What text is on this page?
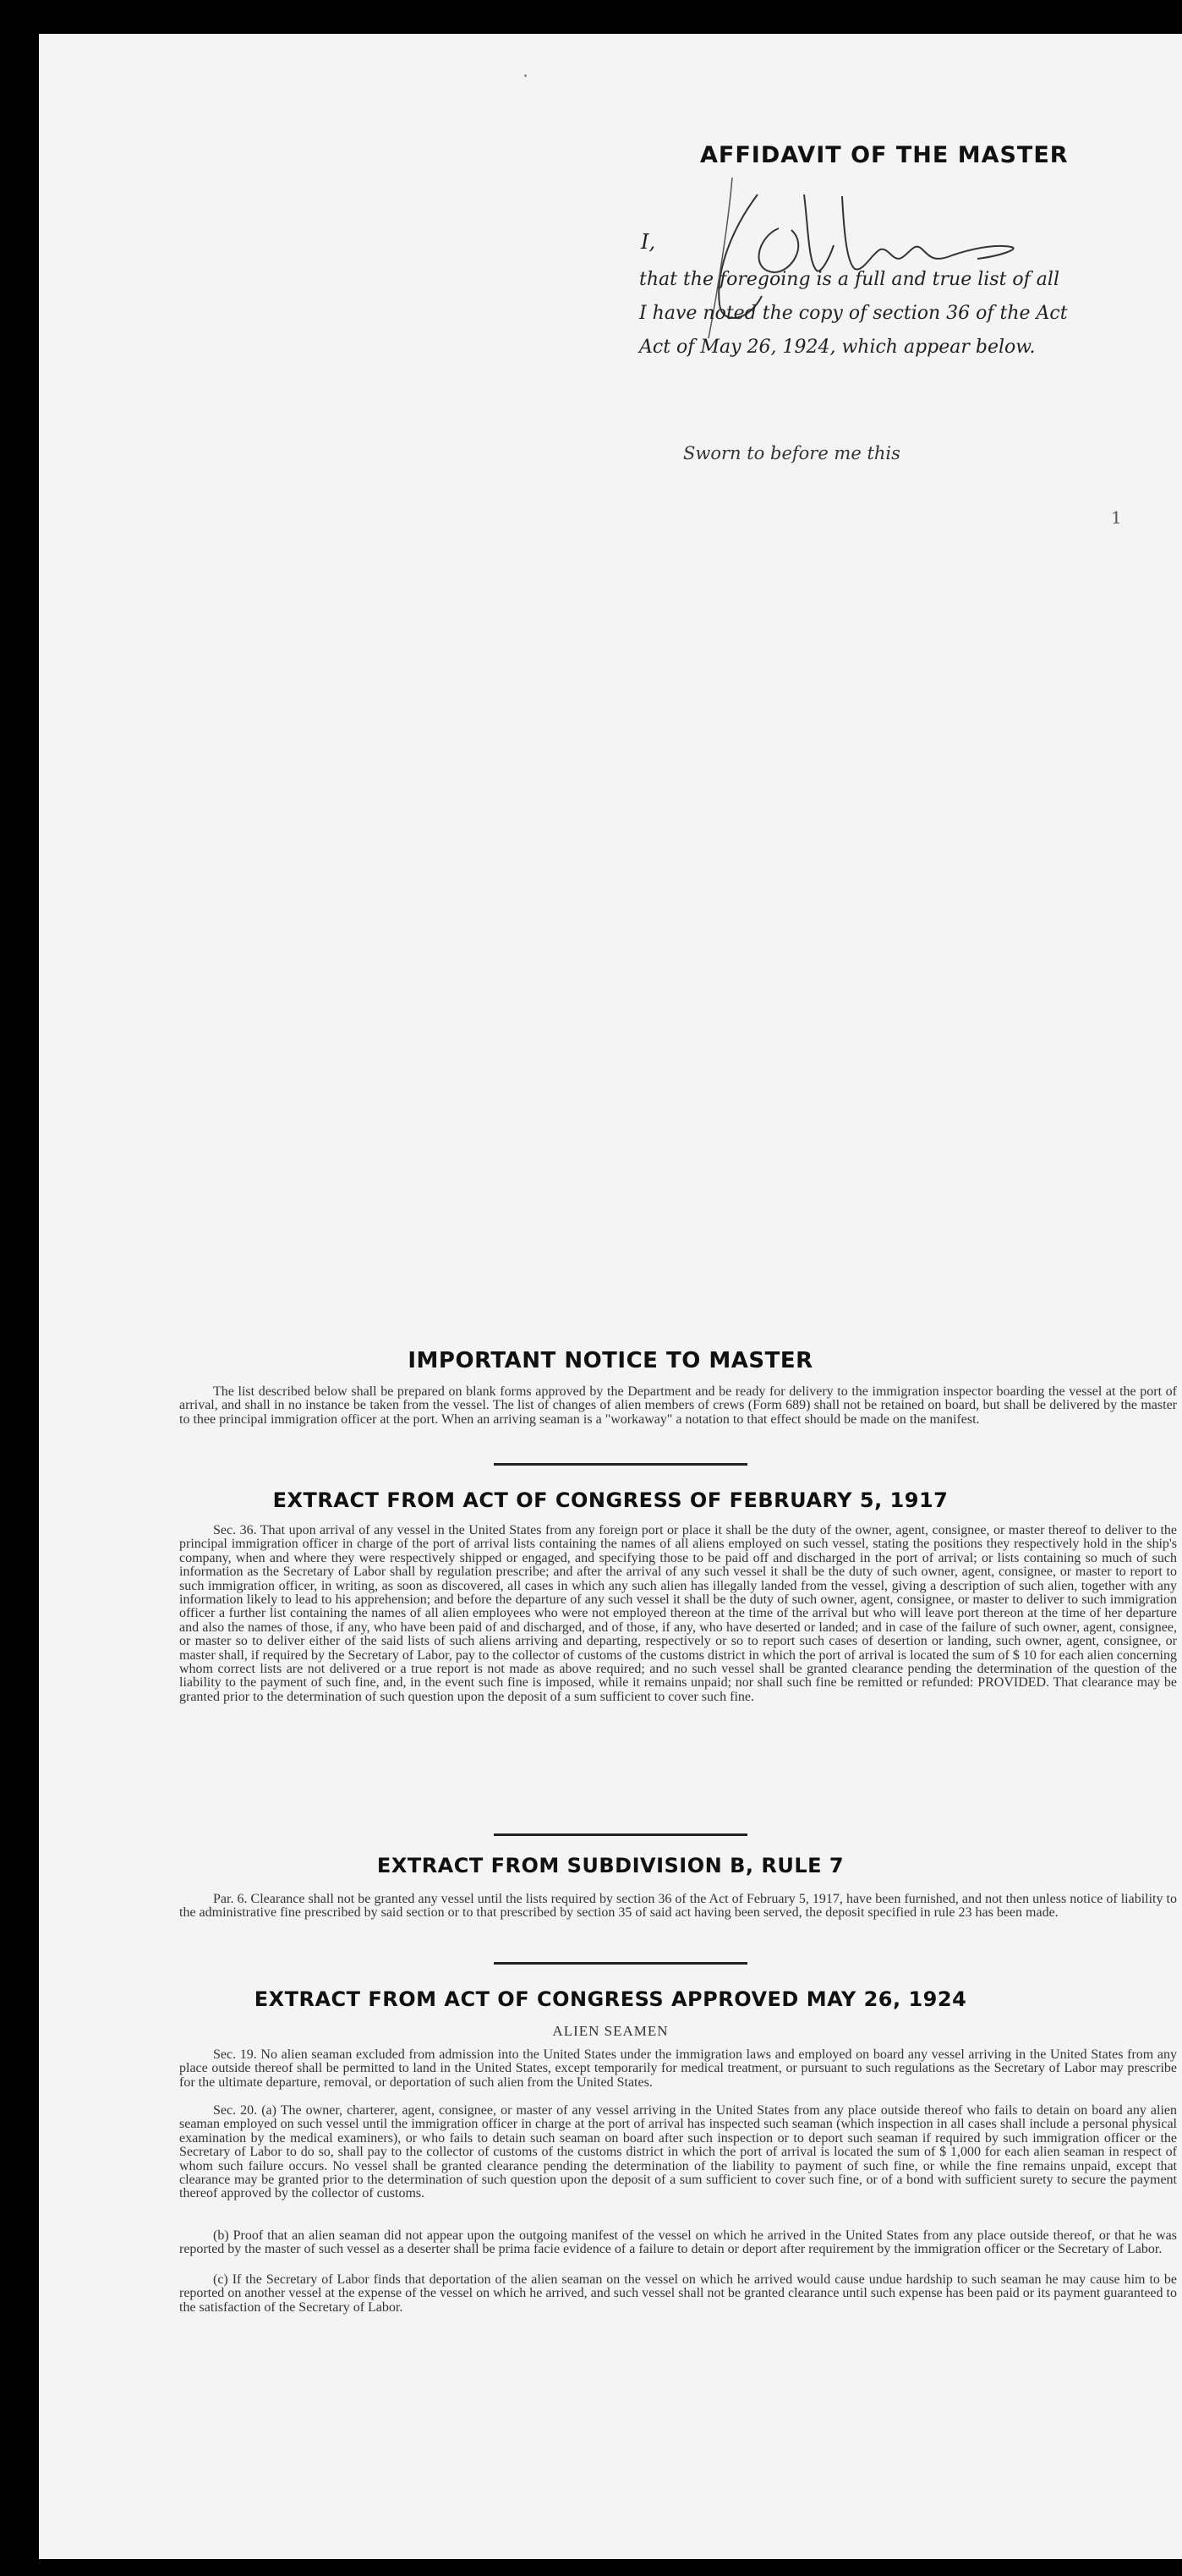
AFFIDAVIT OF THE MASTER
I,
that the foregoing is a full and true list of all
I have noted the copy of section 36 of the Act
Act of May 26, 1924, which appear below.
Sworn to before me this
1
IMPORTANT NOTICE TO MASTER

The list described below shall be prepared on blank forms approved by the Department and be ready for delivery to the immigration inspector boarding the vessel at the port of arrival, and shall in no instance be taken from the vessel. The list of changes of alien members of crews (Form 689) shall not be retained on board, but shall be delivered by the master to thee principal immigration officer at the port. When an arriving seaman is a "workaway" a notation to that effect should be made on the manifest.

EXTRACT FROM ACT OF CONGRESS OF FEBRUARY 5, 1917

Sec. 36. That upon arrival of any vessel in the United States from any foreign port or place it shall be the duty of the owner, agent, consignee, or master thereof to deliver to the principal immigration officer in charge of the port of arrival lists containing the names of all aliens employed on such vessel, stating the positions they respectively hold in the ship's company, when and where they were respectively shipped or engaged, and specifying those to be paid off and discharged in the port of arrival; or lists containing so much of such information as the Secretary of Labor shall by regulation prescribe; and after the arrival of any such vessel it shall be the duty of such owner, agent, consignee, or master to report to such immigration officer, in writing, as soon as discovered, all cases in which any such alien has illegally landed from the vessel, giving a description of such alien, together with any information likely to lead to his apprehension; and before the departure of any such vessel it shall be the duty of such owner, agent, consignee, or master to deliver to such immigration officer a further list containing the names of all alien employees who were not employed thereon at the time of the arrival but who will leave port thereon at the time of her departure and also the names of those, if any, who have been paid of and discharged, and of those, if any, who have deserted or landed; and in case of the failure of such owner, agent, consignee, or master so to deliver either of the said lists of such aliens arriving and departing, respectively or so to report such cases of desertion or landing, such owner, agent, consignee, or master shall, if required by the Secretary of Labor, pay to the collector of customs of the customs district in which the port of arrival is located the sum of $ 10 for each alien concerning whom correct lists are not delivered or a true report is not made as above required; and no such vessel shall be granted clearance pending the determination of the question of the liability to the payment of such fine, and, in the event such fine is imposed, while it remains unpaid; nor shall such fine be remitted or refunded: PROVIDED. That clearance may be granted prior to the determination of such question upon the deposit of a sum sufficient to cover such fine.

EXTRACT FROM SUBDIVISION B, RULE 7

Par. 6. Clearance shall not be granted any vessel until the lists required by section 36 of the Act of February 5, 1917, have been furnished, and not then unless notice of liability to the administrative fine prescribed by said section or to that prescribed by section 35 of said act having been served, the deposit specified in rule 23 has been made.

EXTRACT FROM ACT OF CONGRESS APPROVED MAY 26, 1924
ALIEN SEAMEN

Sec. 19. No alien seaman excluded from admission into the United States under the immigration laws and employed on board any vessel arriving in the United States from any place outside thereof shall be permitted to land in the United States, except temporarily for medical treatment, or pursuant to such regulations as the Secretary of Labor may prescribe for the ultimate departure, removal, or deportation of such alien from the United States.

Sec. 20. (a) The owner, charterer, agent, consignee, or master of any vessel arriving in the United States from any place outside thereof who fails to detain on board any alien seaman employed on such vessel until the immigration officer in charge at the port of arrival has inspected such seaman (which inspection in all cases shall include a personal physical examination by the medical examiners), or who fails to detain such seaman on board after such inspection or to deport such seaman if required by such immigration officer or the Secretary of Labor to do so, shall pay to the collector of customs of the customs district in which the port of arrival is located the sum of $ 1,000 for each alien seaman in respect of whom such failure occurs. No vessel shall be granted clearance pending the determination of the liability to payment of such fine, or while the fine remains unpaid, except that clearance may be granted prior to the determination of such question upon the deposit of a sum sufficient to cover such fine, or of a bond with sufficient surety to secure the payment thereof approved by the collector of customs.

(b) Proof that an alien seaman did not appear upon the outgoing manifest of the vessel on which he arrived in the United States from any place outside thereof, or that he was reported by the master of such vessel as a deserter shall be prima facie evidence of a failure to detain or deport after requirement by the immigration officer or the Secretary of Labor.

(c) If the Secretary of Labor finds that deportation of the alien seaman on the vessel on which he arrived would cause undue hardship to such seaman he may cause him to be reported on another vessel at the expense of the vessel on which he arrived, and such vessel shall not be granted clearance until such expense has been paid or its payment guaranteed to the satisfaction of the Secretary of Labor.
